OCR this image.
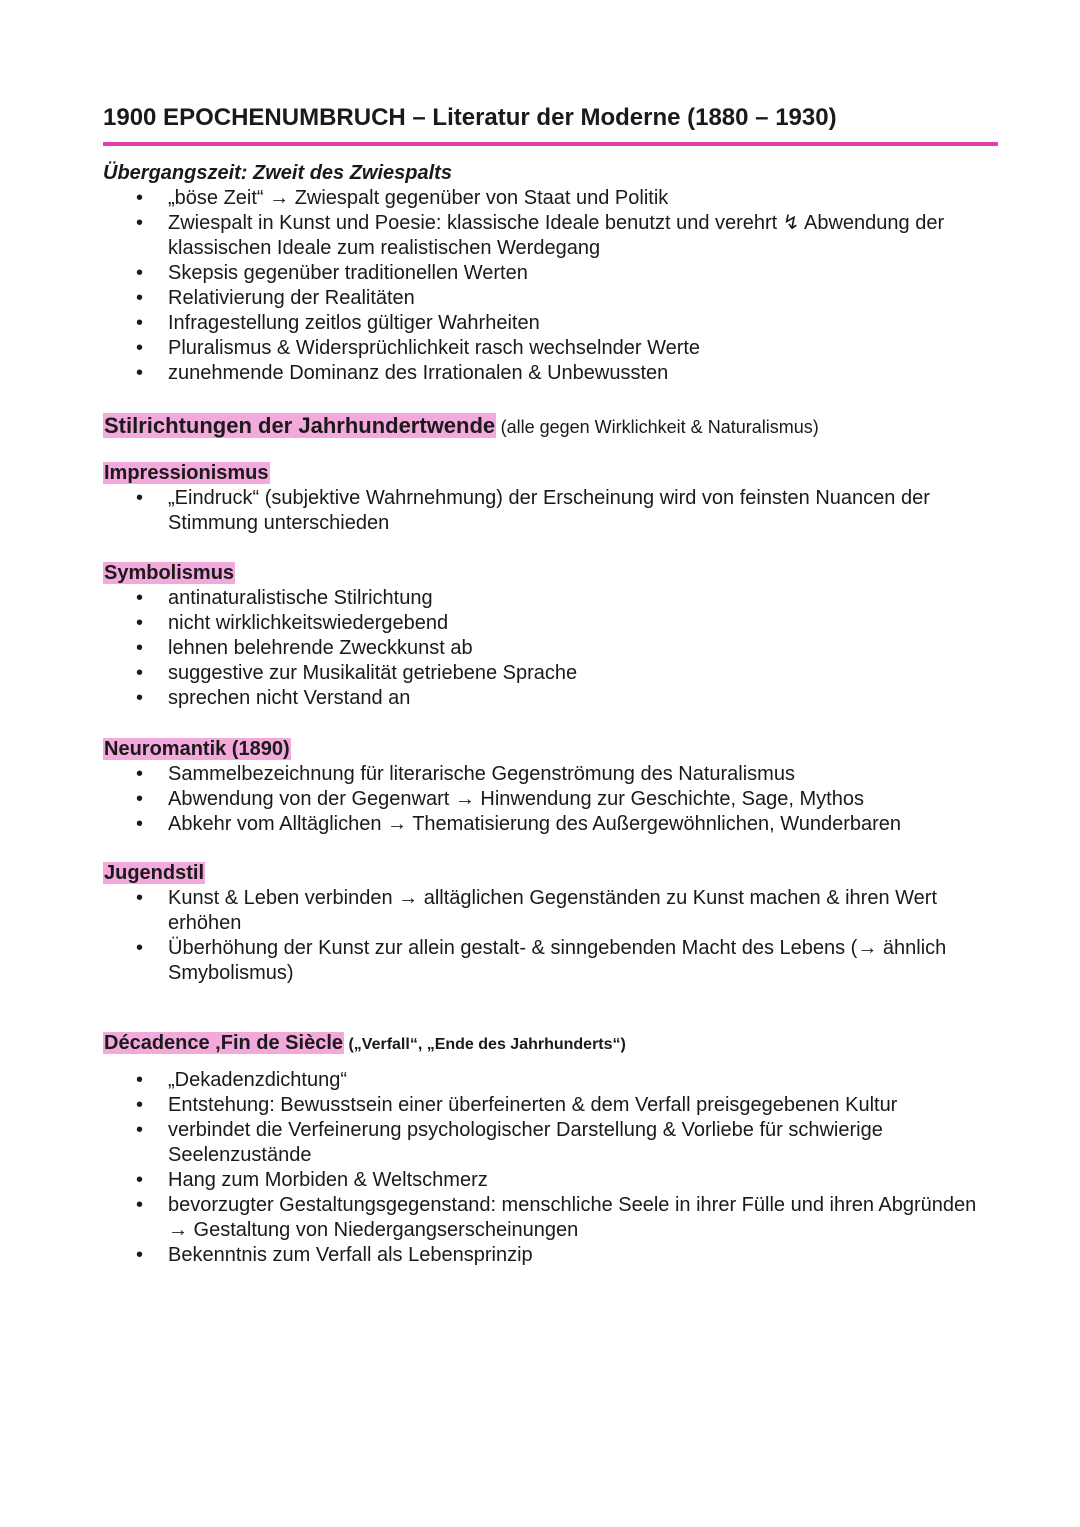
1900 EPOCHENUMBRUCH – Literatur der Moderne (1880 – 1930)
Übergangszeit: Zweit des Zwiespalts
• „böse Zeit“ → Zwiespalt gegenüber von Staat und Politik
• Zwiespalt in Kunst und Poesie: klassische Ideale benutzt und verehrt ↯ Abwendung der klassischen Ideale zum realistischen Werdegang
• Skepsis gegenüber traditionellen Werten
• Relativierung der Realitäten
• Infragestellung zeitlos gültiger Wahrheiten
• Pluralismus & Widersprüchlichkeit rasch wechselnder Werte
• zunehmende Dominanz des Irrationalen & Unbewussten
Stilrichtungen der Jahrhundertwende (alle gegen Wirklichkeit & Naturalismus)
Impressionismus
• „Eindruck“ (subjektive Wahrnehmung) der Erscheinung wird von feinsten Nuancen der Stimmung unterschieden
Symbolismus
• antinaturalistische Stilrichtung
• nicht wirklichkeitswiedergebend
• lehnen belehrende Zweckkunst ab
• suggestive zur Musikalität getriebene Sprache
• sprechen nicht Verstand an
Neuromantik (1890)
• Sammelbezeichnung für literarische Gegenströmung des Naturalismus
• Abwendung von der Gegenwart → Hinwendung zur Geschichte, Sage, Mythos
• Abkehr vom Alltäglichen → Thematisierung des Außergewöhnlichen, Wunderbaren
Jugendstil
• Kunst & Leben verbinden → alltäglichen Gegenständen zu Kunst machen & ihren Wert erhöhen
• Überhöhung der Kunst zur allein gestalt- & sinngebenden Macht des Lebens (→ ähnlich Smybolismus)
Décadence ‚Fin de Siècle („Verfall“, „Ende des Jahrhunderts“)
• „Dekadenzdichtung“
• Entstehung: Bewusstsein einer überfeinerten & dem Verfall preisgegebenen Kultur
• verbindet die Verfeinerung psychologischer Darstellung & Vorliebe für schwierige Seelenzustände
• Hang zum Morbiden & Weltschmerz
• bevorzugter Gestaltungsgegenstand: menschliche Seele in ihrer Fülle und ihren Abgründen → Gestaltung von Niedergangserscheinungen
• Bekenntnis zum Verfall als Lebensprinzip
